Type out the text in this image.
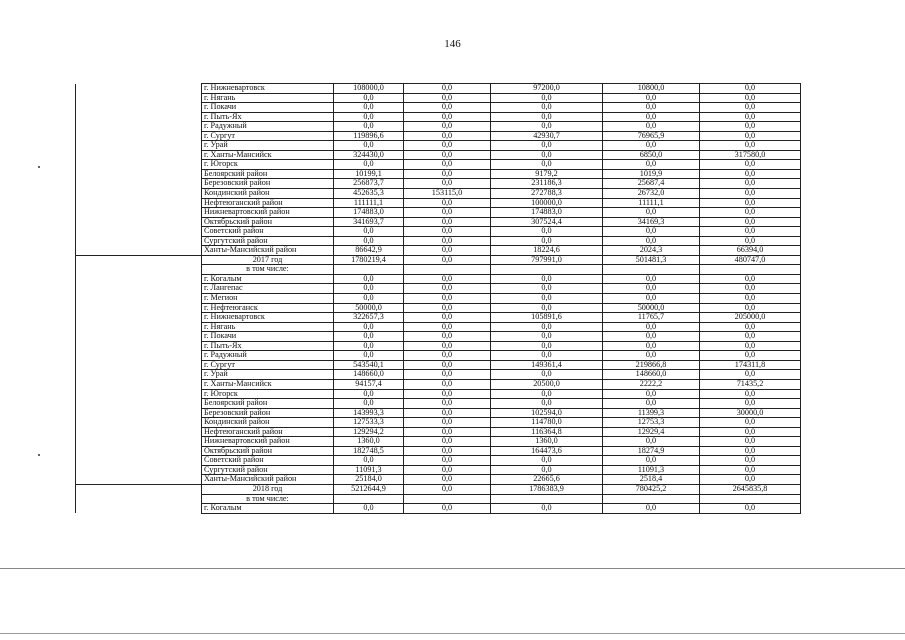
146
	г. Нижневартовск	108000,0	0,0	97200,0	10800,0	0,0
	г. Нягань	0,0	0,0	0,0	0,0	0,0
	г. Покачи	0,0	0,0	0,0	0,0	0,0
	г. Пыть-Ях	0,0	0,0	0,0	0,0	0,0
	г. Радужный	0,0	0,0	0,0	0,0	0,0
	г. Сургут	119896,6	0,0	42930,7	76965,9	0,0
	г. Урай	0,0	0,0	0,0	0,0	0,0
	г. Ханты-Мансийск	324430,0	0,0	0,0	6850,0	317580,0
	г. Югорск	0,0	0,0	0,0	0,0	0,0
	Белоярский район	10199,1	0,0	9179,2	1019,9	0,0
	Березовский район	256873,7	0,0	231186,3	25687,4	0,0
	Кондинский район	452635,3	153115,0	272788,3	26732,0	0,0
	Нефтеюганский район	111111,1	0,0	100000,0	11111,1	0,0
	Нижневартовский район	174883,0	0,0	174883,0	0,0	0,0
	Октябрьский район	341693,7	0,0	307524,4	34169,3	0,0
	Советский район	0,0	0,0	0,0	0,0	0,0
	Сургутский район	0,0	0,0	0,0	0,0	0,0
	Ханты-Мансийский район	86642,9	0,0	18224,6	2024,3	66394,0
	2017 год	1780219,4	0,0	797991,0	501481,3	480747,0
	в том числе:					
	г. Когалым	0,0	0,0	0,0	0,0	0,0
	г. Лангепас	0,0	0,0	0,0	0,0	0,0
	г. Мегион	0,0	0,0	0,0	0,0	0,0
	г. Нефтеюганск	50000,0	0,0	0,0	50000,0	0,0
	г. Нижневартовск	322657,3	0,0	105891,6	11765,7	205000,0
	г. Нягань	0,0	0,0	0,0	0,0	0,0
	г. Покачи	0,0	0,0	0,0	0,0	0,0
	г. Пыть-Ях	0,0	0,0	0,0	0,0	0,0
	г. Радужный	0,0	0,0	0,0	0,0	0,0
	г. Сургут	543540,1	0,0	149361,4	219866,8	174311,8
	г. Урай	148660,0	0,0	0,0	148660,0	0,0
	г. Ханты-Мансийск	94157,4	0,0	20500,0	2222,2	71435,2
	г. Югорск	0,0	0,0	0,0	0,0	0,0
	Белоярский район	0,0	0,0	0,0	0,0	0,0
	Березовский район	143993,3	0,0	102594,0	11399,3	30000,0
	Кондинский район	127533,3	0,0	114780,0	12753,3	0,0
	Нефтеюганский район	129294,2	0,0	116364,8	12929,4	0,0
	Нижневартовский район	1360,0	0,0	1360,0	0,0	0,0
	Октябрьский район	182748,5	0,0	164473,6	18274,9	0,0
	Советский район	0,0	0,0	0,0	0,0	0,0
	Сургутский район	11091,3	0,0	0,0	11091,3	0,0
	Ханты-Мансийский район	25184,0	0,0	22665,6	2518,4	0,0
	2018 год	5212644,9	0,0	1786383,9	780425,2	2645835,8
	в том числе:					
	г. Когалым	0,0	0,0	0,0	0,0	0,0
